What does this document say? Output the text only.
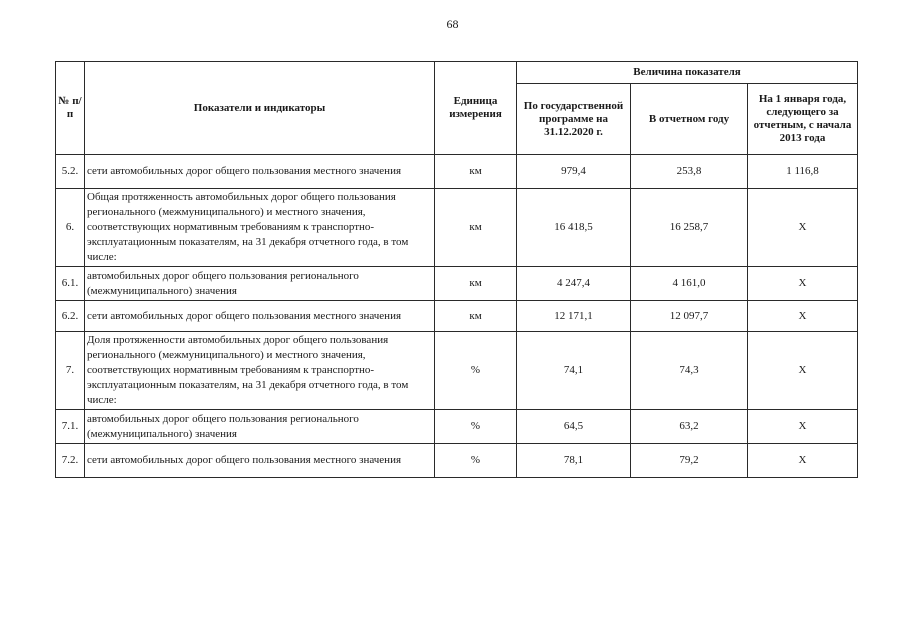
68
№ п/п	Показатели и индикаторы	Единица измерения	Величина показателя		
			По государственной программе на 31.12.2020 г.	В отчетном году	На 1 января года, следующего за отчетным, с начала 2013 года
5.2.	сети автомобильных дорог общего пользования местного значения	км	979,4	253,8	1 116,8
6.	Общая протяженность автомобильных дорог общего пользования регионального (межмуниципального) и местного значения, соответствующих нормативным требованиям к транспортно-эксплуатационным показателям, на 31 декабря отчетного года, в том числе:	км	16 418,5	16 258,7	X
6.1.	автомобильных дорог общего пользования регионального (межмуниципального) значения	км	4 247,4	4 161,0	X
6.2.	сети автомобильных дорог общего пользования местного значения	км	12 171,1	12 097,7	X
7.	Доля протяженности автомобильных дорог общего пользования регионального (межмуниципального) и местного значения, соответствующих нормативным требованиям к транспортно-эксплуатационным показателям, на 31 декабря отчетного года, в том числе:	%	74,1	74,3	X
7.1.	автомобильных дорог общего пользования регионального (межмуниципального) значения	%	64,5	63,2	X
7.2.	сети автомобильных дорог общего пользования местного значения	%	78,1	79,2	X
